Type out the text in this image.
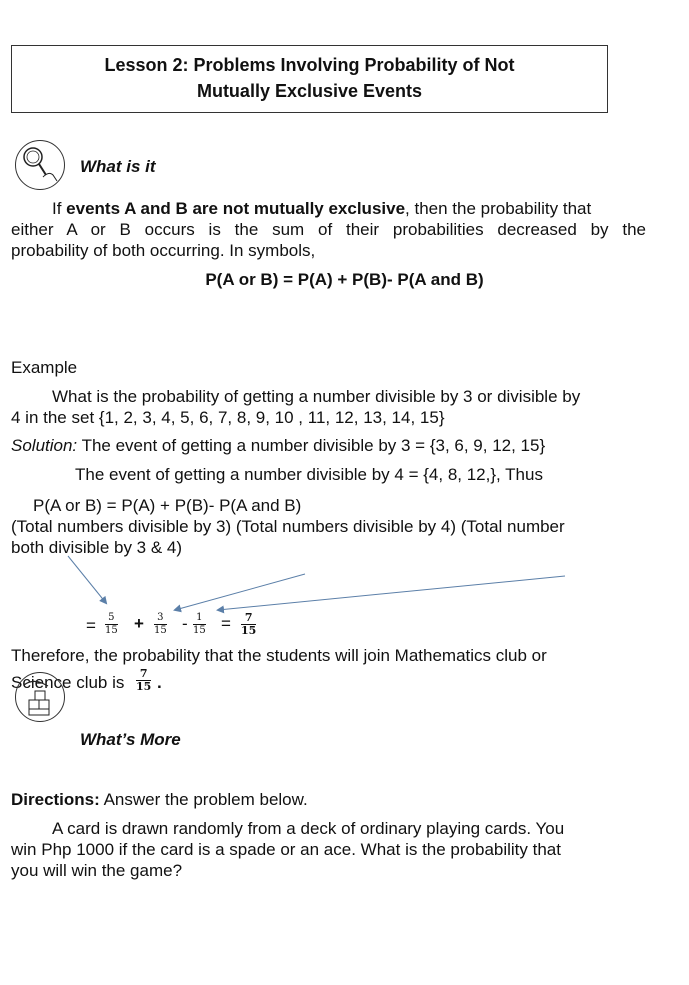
Lesson 2: Problems Involving Probability of Not
Mutually Exclusive Events
What is it
If events A and B are not mutually exclusive, then the probability that
either A or B occurs is the sum of their probabilities decreased by the
probability of both occurring. In symbols,
P(A or B) = P(A) + P(B)- P(A and B)
Example
What is the probability of getting a number divisible by 3 or divisible by
4 in the set {1, 2, 3, 4, 5, 6, 7, 8, 9, 10 , 11, 12, 13, 14, 15}
Solution: The event of getting a number divisible by 3 = {3, 6, 9, 12, 15}
The event of getting a number divisible by 4 = {4, 8, 12,}, Thus
P(A or B) = P(A) + P(B)- P(A and B)
(Total numbers divisible by 3) (Total numbers divisible by 4) (Total number
both divisible by 3 & 4)
= $\frac{5}{15} + \frac{3}{15} - \frac{1}{15} = \frac{7}{15}$
Therefore, the probability that the students will join Mathematics club or
Science club is $\frac{7}{15}$ .
What’s More
Directions: Answer the problem below.
A card is drawn randomly from a deck of ordinary playing cards. You
win Php 1000 if the card is a spade or an ace. What is the probability that
you will win the game?
